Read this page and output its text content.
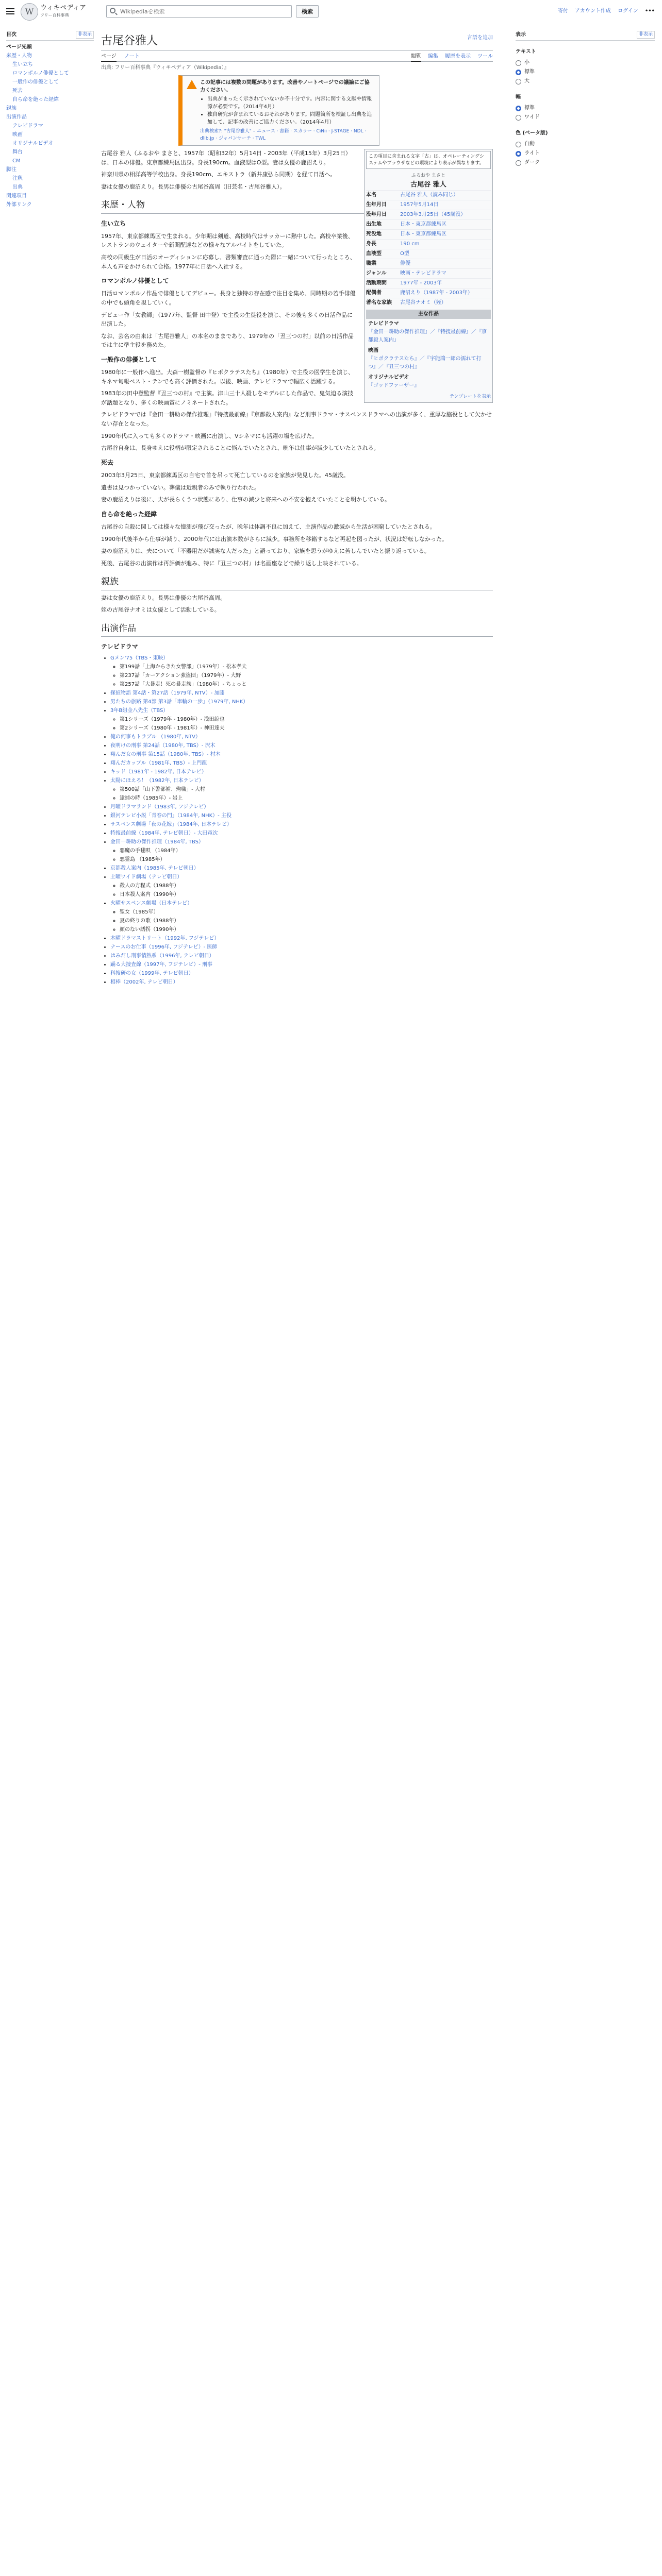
W ウィキペディア
フリー百科事典
Wikipediaを検索
検索	寄付 アカウント作成 ログイン •••
目次	非表示
ページ先頭
来歴・人物
生い立ち
ロマンポルノ俳優として
一般作の俳優として
死去
自ら命を絶った経緯
親族
出演作品
テレビドラマ
映画
オリジナルビデオ
舞台
CM
脚注
注釈
出典
関連項目
外部リンク
古尾谷雅人	言語を追加
ページ ノート	閲覧 編集 履歴を表示 ツール
出典: フリー百科事典『ウィキペディア（Wikipedia）』
この記事には複数の問題があります。改善やノートページでの議論にご協力ください。
• 出典がまったく示されていないか不十分です。内容に関する文献や情報源が必要です。（2014年4月）
• 独自研究が含まれているおそれがあります。問題箇所を検証し出典を追加して、記事の改善にご協力ください。（2014年4月）
出典検索?: "古尾谷雅人" – ニュース · 書籍 · スカラー · CiNii · J-STAGE · NDL · dlib.jp · ジャパンサーチ · TWL
この項目に含まれる文字「古」は、オペレーティングシステムやブラウザなどの環境により表示が異なります。
ふるおや まさと
古尾谷 雅人
本名	古尾谷 雅人（読み同じ）
生年月日	1957年5月14日
没年月日	2003年3月25日（45歳没）
出生地	日本・東京都練馬区
死没地	日本・東京都練馬区
身長	190 cm
血液型	O型
職業	俳優
ジャンル	映画・テレビドラマ
活動期間	1977年 - 2003年
配偶者	鹿沼えり（1987年 - 2003年）
著名な家族	古尾谷ナオミ（姪）
主な作品
テレビドラマ
『金田一耕助の傑作推理』／『特捜最前線』／『京都殺人案内』
映画
『ヒポクラテスたち』／『宇能鴻一郎の濡れて打つ』／『丑三つの村』
オリジナルビデオ
『ゴッドファーザー』
テンプレートを表示

古尾谷 雅人（ふるおや まさと、1957年（昭和32年）5月14日 - 2003年（平成15年）3月25日）は、日本の俳優。東京都練馬区出身。身長190cm。血液型はO型。妻は女優の鹿沼えり。

神奈川県の相洋高等学校出身。身長190cm、エキストラ（新井康弘ら同期）を経て日活へ。

妻は女優の鹿沼えり。長男は俳優の古尾谷高周（旧芸名・古尾谷雅人）。

来歴・人物
生い立ち

1957年、東京都練馬区で生まれる。少年期は剣道、高校時代はサッカーに熱中した。高校卒業後、レストランのウェイターや新聞配達などの様々なアルバイトをしていた。

高校の同級生が日活のオーディションに応募し、書類審査に通った際に一緒について行ったところ、本人も声をかけられて合格。1977年に日活へ入社する。

ロマンポルノ俳優として

日活ロマンポルノ作品で俳優としてデビュー。長身と独特の存在感で注目を集め、同時期の若手俳優の中でも頭角を現していく。

デビュー作「女教師」（1977年、監督 田中登）で主役の生徒役を演じ、その後も多くの日活作品に出演した。

なお、芸名の由来は「古尾谷雅人」の本名のままであり、1979年の「丑三つの村」以前の日活作品では主に準主役を務めた。

一般作の俳優として

1980年に一般作へ進出。大森一樹監督の『ヒポクラテスたち』（1980年）で主役の医学生を演じ、キネマ旬報ベスト・テンでも高く評価された。以後、映画、テレビドラマで幅広く活躍する。

1983年の田中登監督『丑三つの村』で主演。津山三十人殺しをモデルにした作品で、鬼気迫る演技が話題となり、多くの映画賞にノミネートされた。

テレビドラマでは『金田一耕助の傑作推理』『特捜最前線』『京都殺人案内』など刑事ドラマ・サスペンスドラマへの出演が多く、重厚な脇役として欠かせない存在となった。

1990年代に入っても多くのドラマ・映画に出演し、Vシネマにも活躍の場を広げた。

古尾谷自身は、長身ゆえに役柄が限定されることに悩んでいたとされ、晩年は仕事が減少していたとされる。

死去

2003年3月25日、東京都練馬区の自宅で首を吊って死亡しているのを家族が発見した。45歳没。

遺書は見つかっていない。葬儀は近親者のみで執り行われた。

妻の鹿沼えりは後に、夫が長らくうつ状態にあり、仕事の減少と将来への不安を抱えていたことを明かしている。

自ら命を絶った経緯

古尾谷の自殺に関しては様々な憶測が飛び交ったが、晩年は体調不良に加えて、主演作品の激減から生活が困窮していたとされる。

1990年代後半から仕事が減り、2000年代には出演本数がさらに減少。事務所を移籍するなど再起を図ったが、状況は好転しなかった。

妻の鹿沼えりは、夫について「不器用だが誠実な人だった」と語っており、家族を思うがゆえに苦しんでいたと振り返っている。

死後、古尾谷の出演作は再評価が進み、特に『丑三つの村』は名画座などで繰り返し上映されている。

親族

妻は女優の鹿沼えり。長男は俳優の古尾谷高周。

姪の古尾谷ナオミは女優として活動している。

出演作品
テレビドラマ
• Gメン'75（TBS・東映）
◦ 第199話「上海からきた女警部」（1979年）- 松本孝夫
◦ 第237話「カーアクション強盗団」（1979年）- 大野
◦ 第257話「大暴走！死の暴走族」（1980年）- ちょっと
• 探偵物語 第4話・第27話（1979年, NTV）- 加藤
• 男たちの旅路 第4部 第3話「車輪の一歩」（1979年, NHK）
• 3年B組金八先生（TBS）
◦ 第1シリーズ（1979年 - 1980年）- 浅田諒也
◦ 第2シリーズ（1980年 - 1981年）- 神田達夫
• 俺の何事もトラブル （1980年, NTV）
• 夜明けの刑事 第24話（1980年, TBS）- 沢木
• 翔んだ女の刑事 第15話（1980年, TBS）- 村木
• 翔んだカップル（1981年, TBS）- 上門龍
• キッド（1981年 - 1982年, 日本テレビ）
• 太陽にほえろ！（1982年, 日本テレビ）
◦ 第500話「山下警部補、殉職」- 大村
◦ 逮捕の時（1985年）- 岩上
• 月曜ドラマランド（1983年, フジテレビ）
• 銀河テレビ小説「青春の門」（1984年, NHK）- 主役
• サスペンス劇場「夜の花嫁」（1984年, 日本テレビ）
• 特捜最前線（1984年, テレビ朝日）- 大田竜次
• 金田一耕助の傑作推理（1984年, TBS）
◦ 悪魔の手毬唄 （1984年）
◦ 悪霊島 （1985年）
• 京都殺人案内（1985年, テレビ朝日）
• 土曜ワイド劇場（テレビ朝日）
◦ 殺人の方程式（1988年）
◦ 日本殺人案内（1990年）
• 火曜サスペンス劇場（日本テレビ）
◦ 聖女（1985年）
◦ 夏の終りの歌（1988年）
◦ 顔のない誘拐（1990年）
• 木曜ドラマストリート（1992年, フジテレビ）
• ナースのお仕事（1996年, フジテレビ）- 医師
• はみだし刑事情熱系（1996年, テレビ朝日）
• 踊る大捜査線（1997年, フジテレビ）- 刑事
• 科捜研の女（1999年, テレビ朝日）
• 相棒（2002年, テレビ朝日）
表示	非表示
テキスト
小
標準
大
幅
標準
ワイド
色 (ベータ版)
自動
ライト
ダーク
